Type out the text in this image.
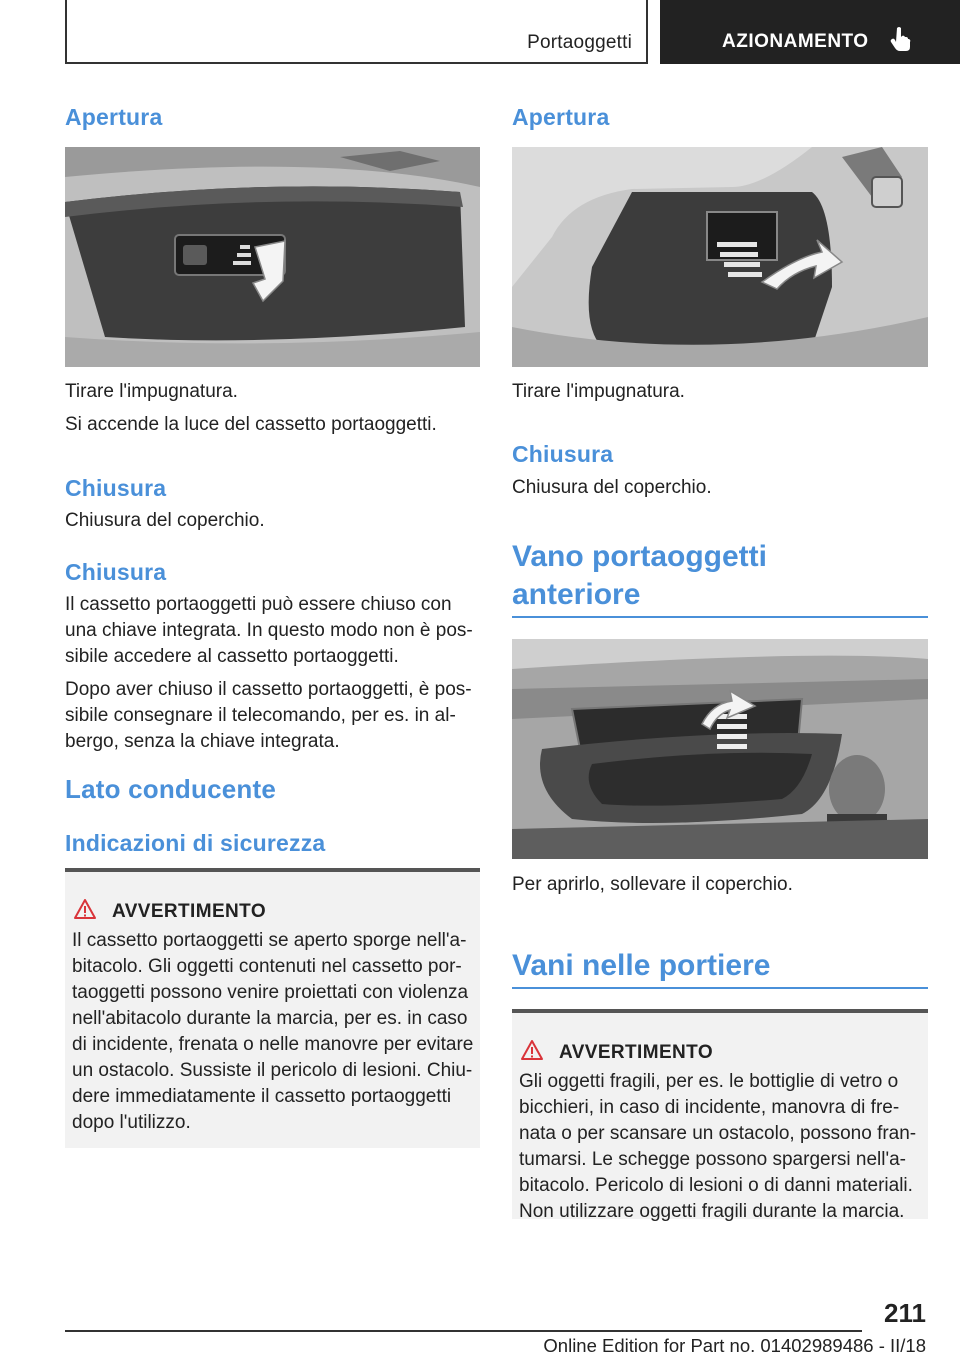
Portaoggetti	AZIONAMENTO
Apertura

Tirare l'impugnatura.

Si accende la luce del cassetto portaoggetti.

Chiusura

Chiusura del coperchio.

Chiusura

Il cassetto portaoggetti può essere chiuso con

una chiave integrata. In questo modo non è pos‐

sibile accedere al cassetto portaoggetti.

Dopo aver chiuso il cassetto portaoggetti, è pos‐

sibile consegnare il telecomando, per es. in al‐

bergo, senza la chiave integrata.

Lato conducente
Indicazioni di sicurezza
AVVERTIMENTO

Il cassetto portaoggetti se aperto sporge nell'a‐

bitacolo. Gli oggetti contenuti nel cassetto por‐

taoggetti possono venire proiettati con violenza

nell'abitacolo durante la marcia, per es. in caso

di incidente, frenata o nelle manovre per evitare

un ostacolo. Sussiste il pericolo di lesioni. Chiu‐

dere immediatamente il cassetto portaoggetti

dopo l'utilizzo.

Apertura

Tirare l'impugnatura.

Chiusura

Chiusura del coperchio.

Vano portaoggetti
anteriore

Per aprirlo, sollevare il coperchio.

Vani nelle portiere
AVVERTIMENTO

Gli oggetti fragili, per es. le bottiglie di vetro o

bicchieri, in caso di incidente, manovra di fre‐

nata o per scansare un ostacolo, possono fran‐

tumarsi. Le schegge possono spargersi nell'a‐

bitacolo. Pericolo di lesioni o di danni materiali.

Non utilizzare oggetti fragili durante la marcia.

211
Online Edition for Part no. 01402989486 - II/18
